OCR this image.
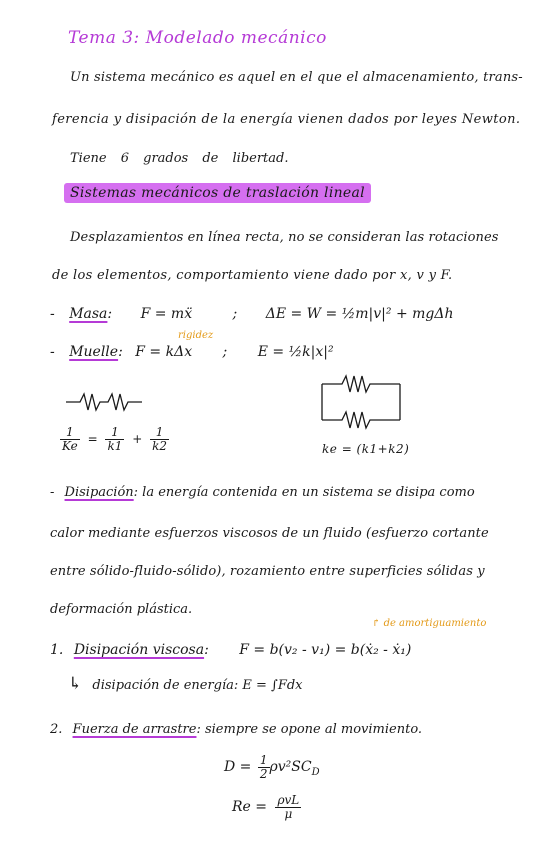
Tema 3: Modelado mecánico
Un sistema mecánico es aquel en el que el almacenamiento, trans-
ferencia y disipación de la energía vienen dados por leyes Newton.
Tiene 6 grados de libertad.
Sistemas mecánicos de traslación lineal
Desplazamientos en línea recta, no se consideran las rotaciones
de los elementos, comportamiento viene dado por x, v y F.
- Masa: F = mẍ	; ΔE = W = ½m|v|² + mgΔh
rigidez
- Muelle: F = kΔx ; E = ½k|x|²
$\frac{1}{Ke} = \frac{1}{k1} + \frac{1}{k2}$	ke = (k1+k2)
- Disipación: la energía contenida en un sistema se disipa como
calor mediante esfuerzos viscosos de un fluido (esfuerzo cortante
entre sólido-fluido-sólido), rozamiento entre superficies sólidas y
deformación plástica.
↱ de amortiguamiento
1. Disipación viscosa: F = b(v₂ - v₁) = b(ẋ₂ - ẋ₁)
↳ disipación de energía: E = ∫Fdx
2. Fuerza de arrastre: siempre se opone al movimiento.
$D = \frac{1}{2} \rho v^2SC_D$
$Re = \frac{\text{ρvL}}{\mu}$
